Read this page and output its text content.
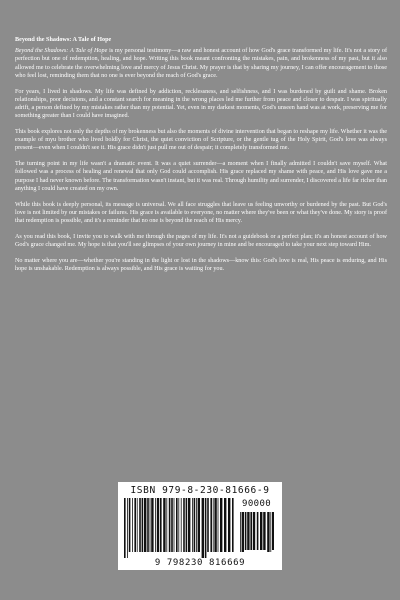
Beyond the Shadows: A Tale of Hope

Beyond the Shadows: A Tale of Hope is my personal testimony—a raw and honest account of how God's grace transformed my life. It's not a story of perfection but one of redemption, healing, and hope. Writing this book meant confronting the mistakes, pain, and brokenness of my past, but it also allowed me to celebrate the overwhelming love and mercy of Jesus Christ. My prayer is that by sharing my journey, I can offer encouragement to those who feel lost, reminding them that no one is ever beyond the reach of God's grace.

For years, I lived in shadows. My life was defined by addiction, recklessness, and selfishness, and I was burdened by guilt and shame. Broken relationships, poor decisions, and a constant search for meaning in the wrong places led me further from peace and closer to despair. I was spiritually adrift, a person defined by my mistakes rather than my potential. Yet, even in my darkest moments, God's unseen hand was at work, preserving me for something greater than I could have imagined.

This book explores not only the depths of my brokenness but also the moments of divine intervention that began to reshape my life. Whether it was the example of myu brother who lived boldly for Christ, the quiet conviction of Scripture, or the gentle tug of the Holy Spirit, God's love was always present—even when I couldn't see it. His grace didn't just pull me out of despair; it completely transformed me.

The turning point in my life wasn't a dramatic event. It was a quiet surrender—a moment when I finally admitted I couldn't save myself. What followed was a process of healing and renewal that only God could accomplish. His grace replaced my shame with peace, and His love gave me a purpose I had never known before. The transformation wasn't instant, but it was real. Through humility and surrender, I discovered a life far richer than anything I could have created on my own.

While this book is deeply personal, its message is universal. We all face struggles that leave us feeling unworthy or burdened by the past. But God's love is not limited by our mistakes or failures. His grace is available to everyone, no matter where they've been or what they've done. My story is proof that redemption is possible, and it's a reminder that no one is beyond the reach of His mercy.

As you read this book, I invite you to walk with me through the pages of my life. It's not a guidebook or a perfect plan; it's an honest account of how God's grace changed me. My hope is that you'll see glimpses of your own journey in mine and be encouraged to take your next step toward Him.

No matter where you are—whether you're standing in the light or lost in the shadows—know this: God's love is real, His peace is enduring, and His hope is unshakable. Redemption is always possible, and His grace is waiting for you.

ISBN 979-8-230-81666-9
90000
9 798230 816669
